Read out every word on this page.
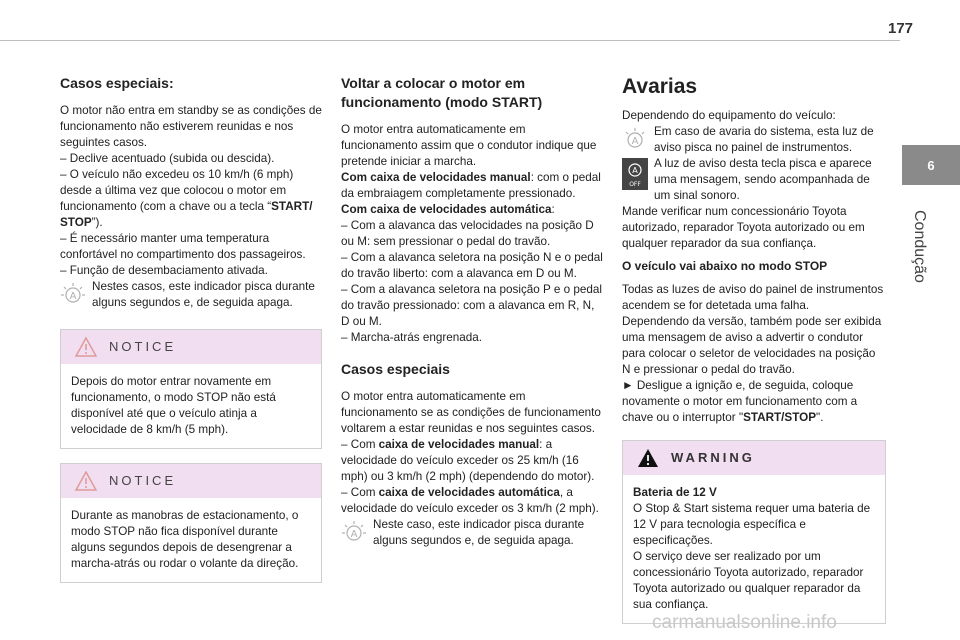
177
6
Condução
Casos especiais:

O motor não entra em standby se as condições de funcionamento não estiverem reunidas e nos seguintes casos.

– Declive acentuado (subida ou descida).

– O veículo não excedeu os 10 km/h (6 mph) desde a última vez que colocou o motor em funcionamento (com a chave ou a tecla “START/ STOP”).

– É necessário manter uma temperatura confortável no compartimento dos passageiros.

– Função de desembaciamento ativada.

A

Nestes casos, este indicador pisca durante alguns segundos e, de seguida apaga.

NOTICE
Depois do motor entrar novamente em funcionamento, o modo STOP não está disponível até que o veículo atinja a velocidade de 8 km/h (5 mph).
NOTICE
Durante as manobras de estacionamento, o modo STOP não fica disponível durante alguns segundos depois de desengrenar a marcha-atrás ou rodar o volante da direção.
Voltar a colocar o motor em funcionamento (modo START)

O motor entra automaticamente em funcionamento assim que o condutor indique que pretende iniciar a marcha.

Com caixa de velocidades manual: com o pedal da embraiagem completamente pressionado.

Com caixa de velocidades automática:

– Com a alavanca das velocidades na posição D ou M: sem pressionar o pedal do travão.

– Com a alavanca seletora na posição N e o pedal do travão liberto: com a alavanca em D ou M.

– Com a alavanca seletora na posição P e o pedal do travão pressionado: com a alavanca em R, N, D ou M.

– Marcha-atrás engrenada.

Casos especiais

O motor entra automaticamente em funcionamento se as condições de funcionamento voltarem a estar reunidas e nos seguintes casos.

– Com caixa de velocidades manual: a velocidade do veículo exceder os 25 km/h (16 mph) ou 3 km/h (2 mph) (dependendo do motor).

– Com caixa de velocidades automática, a velocidade do veículo exceder os 3 km/h (2 mph).

A

Neste caso, este indicador pisca durante alguns segundos e, de seguida apaga.

Avarias

Dependendo do equipamento do veículo:

A

Em caso de avaria do sistema, esta luz de aviso pisca no painel de instrumentos.

A
OFF

A luz de aviso desta tecla pisca e aparece uma mensagem, sendo acompanhada de um sinal sonoro.

Mande verificar num concessionário Toyota autorizado, reparador Toyota autorizado ou em qualquer reparador da sua confiança.

O veículo vai abaixo no modo STOP

Todas as luzes de aviso do painel de instrumentos acendem se for detetada uma falha.

Dependendo da versão, também pode ser exibida uma mensagem de aviso a advertir o condutor para colocar o seletor de velocidades na posição N e pressionar o pedal do travão.

► Desligue a ignição e, de seguida, coloque novamente o motor em funcionamento com a chave ou o interruptor "START/STOP".

WARNING

Bateria de 12 V

O Stop & Start sistema requer uma bateria de 12 V para tecnologia específica e especificações.

O serviço deve ser realizado por um concessionário Toyota autorizado, reparador Toyota autorizado ou qualquer reparador da sua confiança.

carmanualsonline.info
